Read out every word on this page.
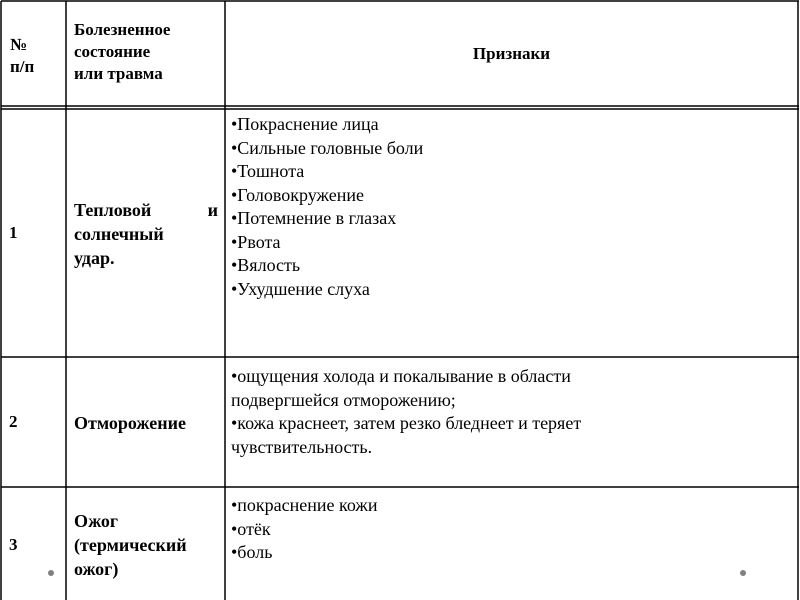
№
п/п
Болезненное
состояние
или травма
Признаки
1
Тепловой	и
солнечный
удар.
•Покраснение лица
•Сильные головные боли
•Тошнота
•Головокружение
•Потемнение в глазах
•Рвота
•Вялость
•Ухудшение слуха
2	Отморожение
•ощущения холода и покалывание в области
подвергшейся отморожению;
•кожа краснеет, затем резко бледнеет и теряет
чувствительность.
3
Ожог
(термический
ожог)
•покраснение кожи
•отёк
•боль
